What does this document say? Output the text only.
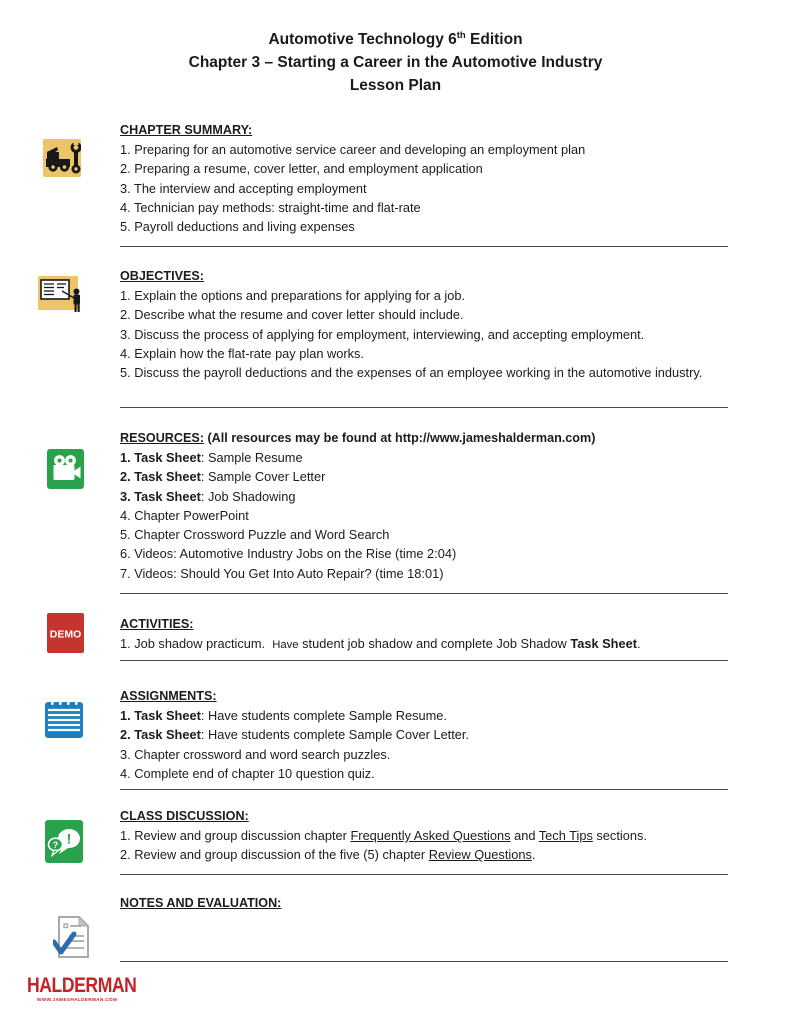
Automotive Technology 6th Edition
Chapter 3 – Starting a Career in the Automotive Industry
Lesson Plan
CHAPTER SUMMARY:
1. Preparing for an automotive service career and developing an employment plan
2. Preparing a resume, cover letter, and employment application
3. The interview and accepting employment
4. Technician pay methods: straight-time and flat-rate
5. Payroll deductions and living expenses
OBJECTIVES:
1. Explain the options and preparations for applying for a job.
2. Describe what the resume and cover letter should include.
3. Discuss the process of applying for employment, interviewing, and accepting employment.
4. Explain how the flat-rate pay plan works.
5. Discuss the payroll deductions and the expenses of an employee working in the automotive industry.
RESOURCES: (All resources may be found at http://www.jameshalderman.com)
1. Task Sheet: Sample Resume
2. Task Sheet: Sample Cover Letter
3. Task Sheet: Job Shadowing
4. Chapter PowerPoint
5. Chapter Crossword Puzzle and Word Search
6. Videos: Automotive Industry Jobs on the Rise (time 2:04)
7. Videos: Should You Get Into Auto Repair? (time 18:01)
ACTIVITIES:
1. Job shadow practicum.  Have student job shadow and complete Job Shadow Task Sheet.
ASSIGNMENTS:
1. Task Sheet: Have students complete Sample Resume.
2. Task Sheet: Have students complete Sample Cover Letter.
3. Chapter crossword and word search puzzles.
4. Complete end of chapter 10 question quiz.
CLASS DISCUSSION:
1. Review and group discussion chapter Frequently Asked Questions and Tech Tips sections.
2. Review and group discussion of the five (5) chapter Review Questions.
NOTES AND EVALUATION:
DEMO
!
?
HALDERMAN
WWW.JAMESHALDERMAN.COM
